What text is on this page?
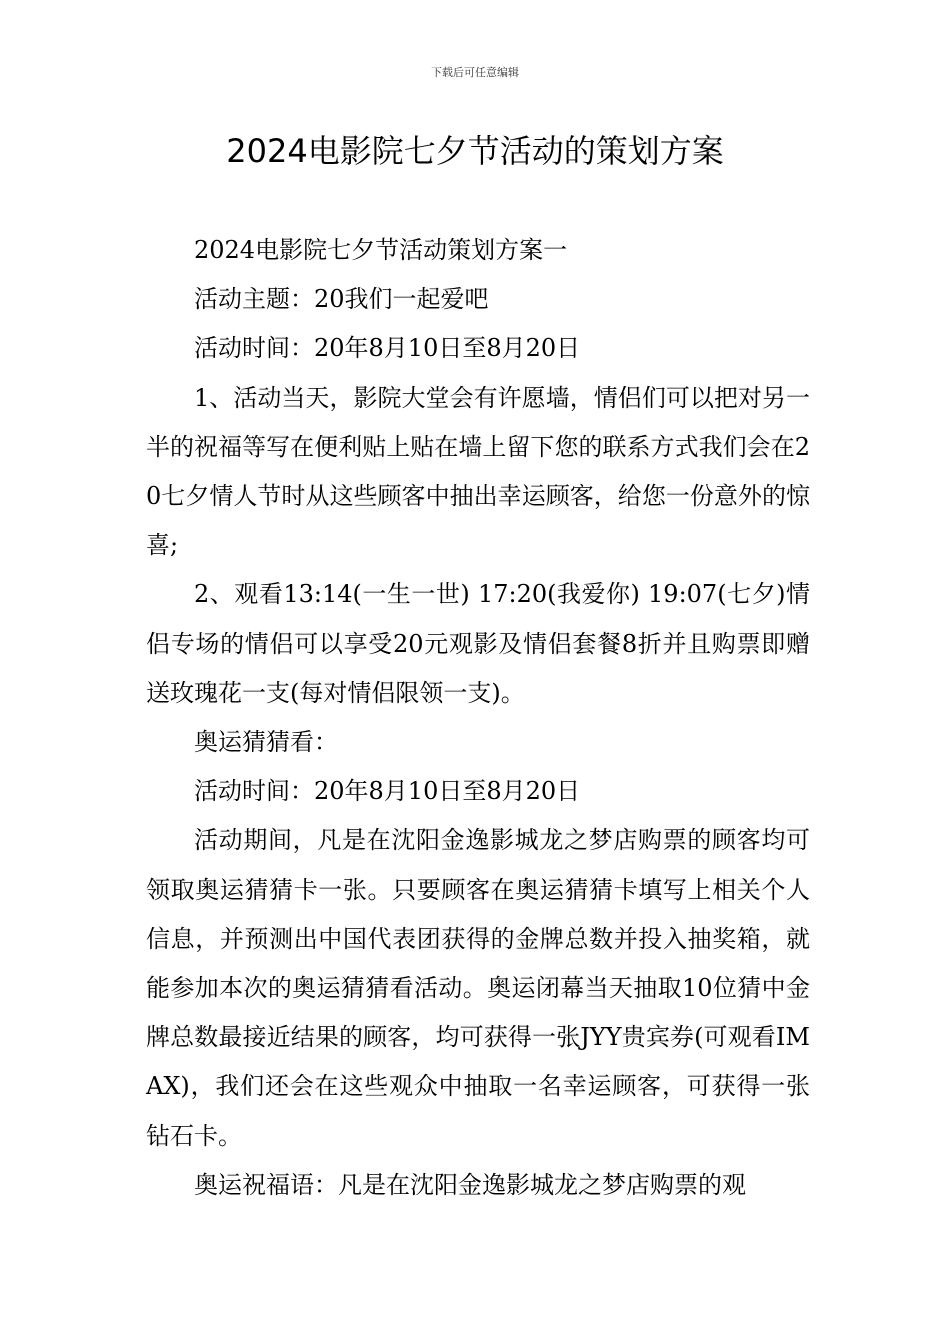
下载后可任意编辑
2024电影院七夕节活动的策划方案

2024电影院七夕节活动策划方案一

活动主题：20我们一起爱吧

活动时间：20年8月10日至8月20日

1、活动当天，影院大堂会有许愿墙，情侣们可以把对另一半的祝福等写在便利贴上贴在墙上留下您的联系方式我们会在20七夕情人节时从这些顾客中抽出幸运顾客，给您一份意外的惊喜;

2、观看13:14(一生一世) 17:20(我爱你) 19:07(七夕)情侣专场的情侣可以享受20元观影及情侣套餐8折并且购票即赠送玫瑰花一支(每对情侣限领一支)。

奥运猜猜看：

活动时间：20年8月10日至8月20日

活动期间，凡是在沈阳金逸影城龙之梦店购票的顾客均可领取奥运猜猜卡一张。只要顾客在奥运猜猜卡填写上相关个人信息，并预测出中国代表团获得的金牌总数并投入抽奖箱，就能参加本次的奥运猜猜看活动。奥运闭幕当天抽取10位猜中金牌总数最接近结果的顾客，均可获得一张JYY贵宾券(可观看IMAX)，我们还会在这些观众中抽取一名幸运顾客，可获得一张钻石卡。

奥运祝福语：凡是在沈阳金逸影城龙之梦店购票的观
